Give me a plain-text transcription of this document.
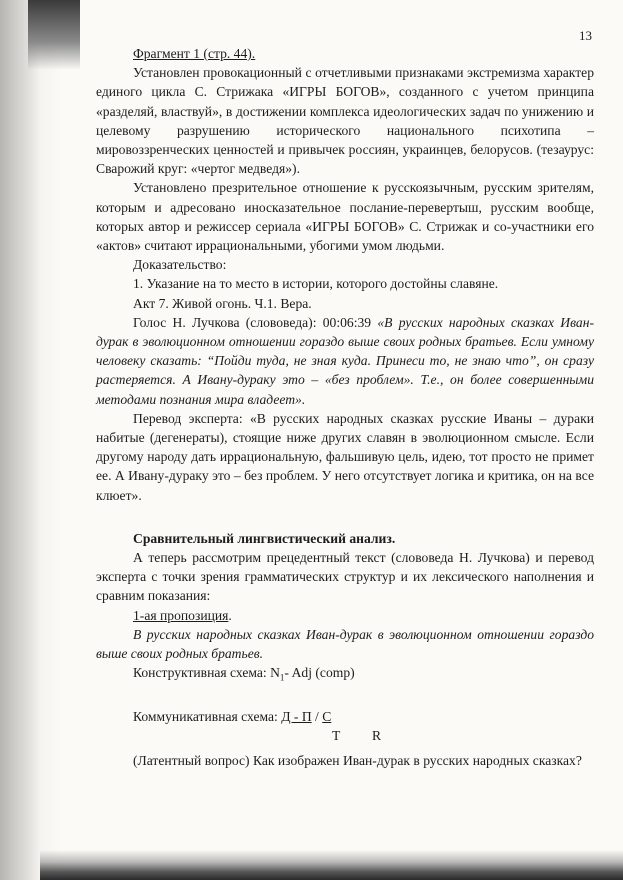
13

Фрагмент 1 (стр. 44).

Установлен провокационный с отчетливыми признаками экстремизма характер единого цикла С. Стрижака «ИГРЫ БОГОВ», созданного с учетом принципа «разделяй, властвуй», в достижении комплекса идеологических задач по унижению и целевому разрушению исторического национального психотипа – мировоззренческих ценностей и привычек россиян, украинцев, белорусов. (тезаурус: Сварожий круг: «чертог медведя»).

Установлено презрительное отношение к русскоязычным, русским зрителям, которым и адресовано иносказательное послание-перевертыш, русским вообще, которых автор и режиссер сериала «ИГРЫ БОГОВ» С. Стрижак и со-участники его «актов» считают иррациональными, убогими умом людьми.

Доказательство:

1. Указание на то место в истории, которого достойны славяне.

Акт 7. Живой огонь. Ч.1. Вера.

Голос Н. Лучкова (слововеда): 00:06:39 «В русских народных сказках Иван-дурак в эволюционном отношении гораздо выше своих родных братьев. Если умному человеку сказать: “Пойди туда, не зная куда. Принеси то, не знаю что”, он сразу растеряется. А Ивану-дураку это – «без проблем». Т.е., он более совершенными методами познания мира владеет».

Перевод эксперта: «В русских народных сказках русские Иваны – дураки набитые (дегенераты), стоящие ниже других славян в эволюционном смысле. Если другому народу дать иррациональную, фальшивую цель, идею, тот просто не примет ее. А Ивану-дураку это – без проблем. У него отсутствует логика и критика, он на все клюет».

Сравнительный лингвистический анализ.

А теперь рассмотрим прецедентный текст (слововеда Н. Лучкова) и перевод эксперта с точки зрения грамматических структур и их лексического наполнения и сравним показания:

1-ая пропозиция.

В русских народных сказках Иван-дурак в эволюционном отношении гораздо выше своих родных братьев.

Конструктивная схема: $N_1-$ Adj (comp)

Коммуникативная схема: Д - П / С

T R

(Латентный вопрос) Как изображен Иван-дурак в русских народных сказках?
